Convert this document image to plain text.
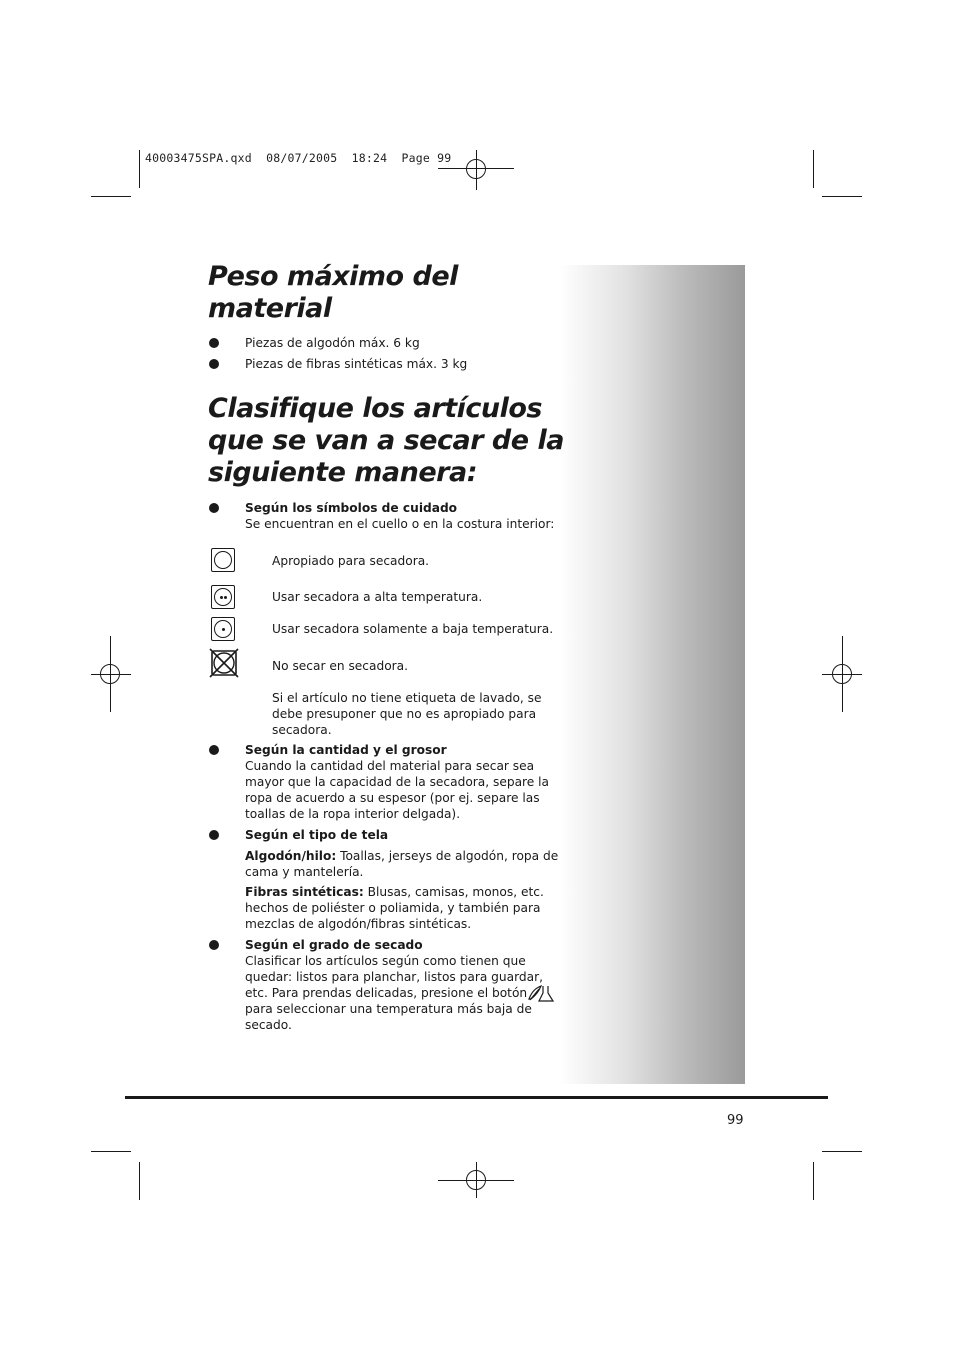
40003475SPA.qxd  08/07/2005  18:24  Page 99
Peso máximo del
material
Piezas de algodón máx. 6 kg
Piezas de fibras sintéticas máx. 3 kg
Clasifique los artículos
que se van a secar de la
siguiente manera:
Según los símbolos de cuidado
Se encuentran en el cuello o en la costura interior:
Apropiado para secadora.
Usar secadora a alta temperatura.
Usar secadora solamente a baja temperatura.
No secar en secadora.
Si el artículo no tiene etiqueta de lavado, se
debe presuponer que no es apropiado para
secadora.
Según la cantidad y el grosor
Cuando la cantidad del material para secar sea
mayor que la capacidad de la secadora, separe la
ropa de acuerdo a su espesor (por ej. separe las
toallas de la ropa interior delgada).
Según el tipo de tela
Algodón/hilo: Toallas, jerseys de algodón, ropa de
cama y mantelería.
Fibras sintéticas: Blusas, camisas, monos, etc.
hechos de poliéster o poliamida, y también para
mezclas de algodón/fibras sintéticas.
Según el grado de secado
Clasificar los artículos según como tienen que
quedar: listos para planchar, listos para guardar,
etc. Para prendas delicadas, presione el botón
para seleccionar una temperatura más baja de
secado.
99
